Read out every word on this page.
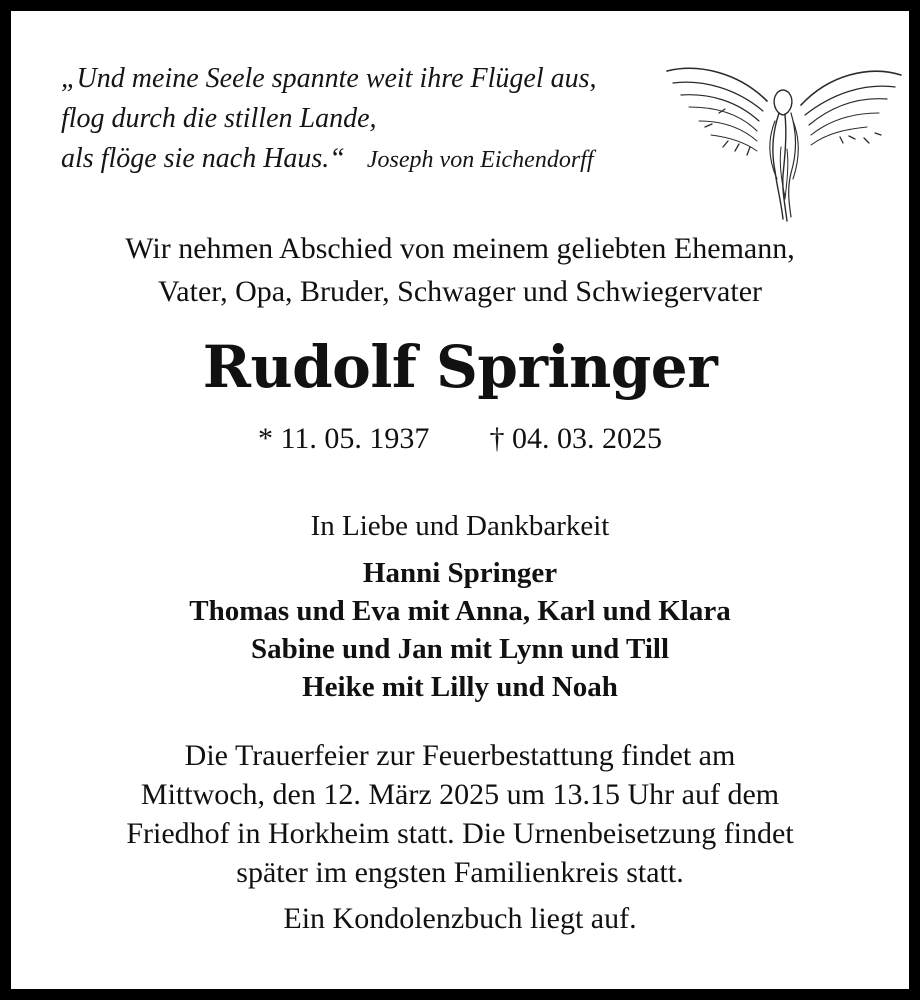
„Und meine Seele spannte weit ihre Flügel aus,
flog durch die stillen Lande,
als flöge sie nach Haus.“ Joseph von Eichendorff
Wir nehmen Abschied von meinem geliebten Ehemann,
Vater, Opa, Bruder, Schwager und Schwiegervater
Rudolf Springer
* 11. 05. 1937 † 04. 03. 2025
In Liebe und Dankbarkeit
Hanni Springer
Thomas und Eva mit Anna, Karl und Klara
Sabine und Jan mit Lynn und Till
Heike mit Lilly und Noah
Die Trauerfeier zur Feuerbestattung findet am
Mittwoch, den 12. März 2025 um 13.15 Uhr auf dem
Friedhof in Horkheim statt. Die Urnenbeisetzung findet
später im engsten Familienkreis statt.
Ein Kondolenzbuch liegt auf.
